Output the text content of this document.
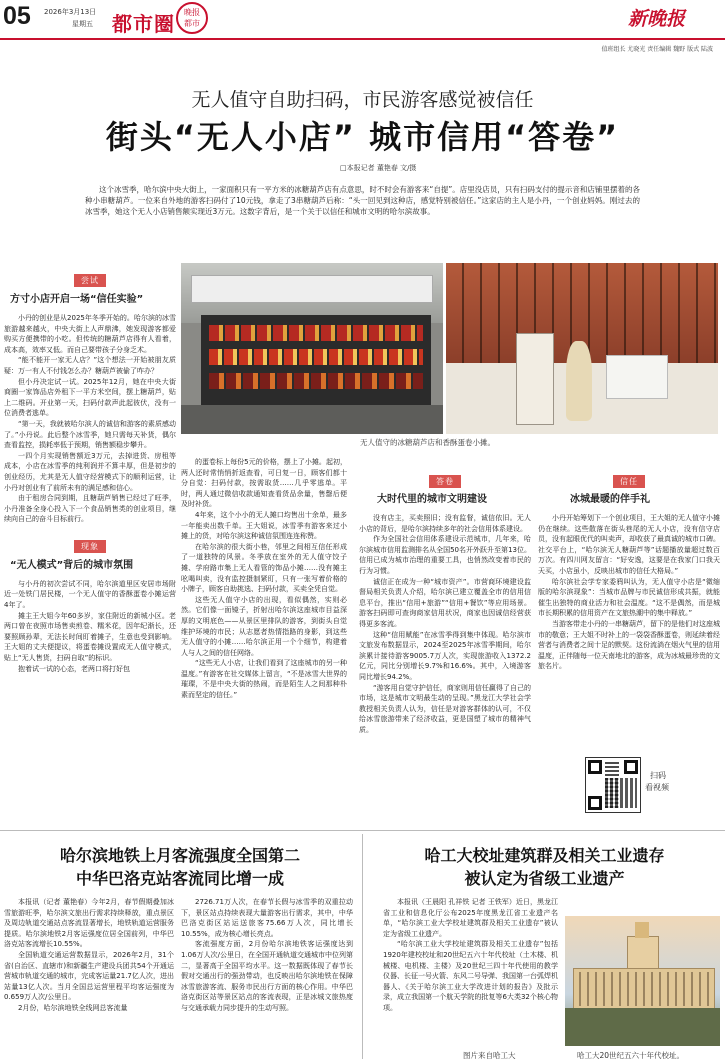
05 2026年3月13日
星期五 都市圈	晚报都市	新晚报
值班组长 尤晓光 责任编辑 魏野 版式 陆波
无人值守自助扫码，市民游客感觉被信任
街头“无人小店” 城市信用“答卷”
□本报记者 董艳春 文/摄

这个冰雪季，哈尔滨中央大街上，一家面积只有一平方米的冰糖葫芦店有点意思，时不时会有游客来“自提”。店里没店员，只有扫码支付的提示音和店铺里摆着的各种小串糖葫芦。一位来自外地的游客扫码付了10元钱，拿走了3串糖葫芦后称：“头一回见到这种店，感觉特别被信任。”这家店的主人是小丹，一个创业妈妈。刚过去的冰雪季，她这个无人小店销售额实现近3万元。这数字背后，是一个关于以信任和城市文明的哈尔滨故事。

尝试
方寸小店开启一场“信任实验”

小丹的创业是从2025年冬季开始的。哈尔滨的冰雪旅游越来越火，中央大街上人声鼎沸，她发现游客都爱购买方便携带的小吃。但传统的糖葫芦店得有人看着，成本高，效率又低。而自己要带孩子分身乏术。

“能不能开一家无人店？”这个想法一开始被朋友质疑：万一有人不付钱怎么办？糖葫芦被偷了咋办？

但小丹决定试一试。2025年12月，她在中央大街商圈一家饰品店外租下一平方米空间，摆上糖葫芦，贴上二维码。开业第一天，扫码付款声此起彼伏，没有一位消费者逃单。

“第一天，我就被哈尔滨人的诚信和游客的素质感动了。”小丹说。此后整个冰雪季，她只需每天补货，偶尔查看监控，损耗率低于预期，销售额稳步攀升。

一四个月实现销售额近3万元，去掉进货、房租等成本，小店在冰雪季的纯利润并不算丰厚，但是初步的创业经历，尤其是无人值守经营模式下的顺利运营，让小丹对创业有了前所未有的满足感和信心。

由于租房合同到期，且糖葫芦销售已经过了旺季，小丹准备全身心投入下一个食品销售类的创业项目，继续向自己的奋斗目标前行。

现象
“无人模式”背后的城市氛围

与小丹的初次尝试不同，哈尔滨道里区安居市场附近一处铁门居民楼，一个无人值守的香酥蛋卷小摊运营4年了。

摊主王大姐今年60多岁，家住附近的新城小区。老两口曾在夜照市场售卖煎卷、糯米花，因年纪渐长，还要照顾孙辈，无法长时间盯着摊子，生意也受到影响。王大姐的丈夫便提议，将蛋卷摊设置成无人值守模式，贴上“无人售货，扫码自取”的标识。

抱着试一试的心态，老两口将打好包

无人值守的冰糖葫芦店和香酥蛋卷小摊。

的蛋卷标上每份5元的价格，摆上了小摊。起初，两人还时常悄悄折返查看，可日复一日，顾客们都十分自觉：扫码付款，按需取货……几乎零逃单。平时，两人通过微信收款通知查看货品余量，售罄后便及时补货。

4年来，这个小小的无人摊口均售出十余单，最多一年能卖出数千单。王大姐说，冰雪季有游客来过小摊上的货，对哈尔滨这种诚信氛围连连称赞。

在哈尔滨的很大街小巷，邻里之间相互信任形成了一道独特的风景。冬季放在室外的无人值守饺子摊、学府路市集上无人看管的饰品小摊……没有摊主吆喝叫卖，没有监控摄制紧盯，只有一张写着价格的小牌子，顾客自助挑选、扫码付款，买卖全凭自觉。

这些无人值守小店的出现，看似偶然，实则必然。它们像一面镜子，折射出哈尔滨这座城市目益深厚的文明底色——从景区里排队的游客，到街头自觉维护环境的市民；从志愿者热情指路的身影，到这些无人值守的小摊……哈尔滨正用一个个细节，构建着人与人之间的信任网络。

“这些无人小店，让我们看到了这座城市的另一种温度。”有游客在社交媒体上留言，“不是冰雪大世界的璀璨，不是中央大街的热闹，而是陌生人之间那种朴素而坚定的信任。”

答卷
大时代里的城市文明建设

没有店主，买卖照旧；没有监督，诚信依旧。无人小店的背后，是哈尔滨持续多年的社会信用体系建设。

作为全国社会信用体系建设示范城市，几年来，哈尔滨城市信用监测排名从全国50名开外跃升至第13位。信用已成为城市治理的重要工具，也悄然改变着市民的行为习惯。

诚信正在成为一种“城市资产”。市营商环境建设监督局相关负责人介绍，哈尔滨已建立覆盖全市的信用信息平台，推出“信用+旅游”“信用+餐饮”等应用场景。游客扫码即可查询商家信用状况，商家也因诚信经营获得更多客流。

这种“信用赋能”在冰雪季得到集中体现。哈尔滨市文旅发布数据显示，2024至2025年冰雪季期间，哈尔滨累计接待游客9005.7万人次，实现旅游收入1372.2亿元，同比分别增长9.7%和16.6%。其中，入境游客同比增长94.2%。

“游客用自觉守护信任，商家则用信任赢得了自己的市场，这是城市文明最生动的呈现。”黑龙江大学社会学教授相关负责人认为，信任是对游客群体的认可，不仅给冰雪旅游带来了经济收益，更是国塑了城市的精神气质。

信任
冰城最暖的伴手礼

小丹开始筹划下一个创业项目，王大姐的无人值守小摊仍在继续。这些散落在街头巷尾的无人小店，没有信守店员，没有起眼优代的叫卖声，却收获了最真诚的城市口碑。社交平台上，“哈尔滨无人糖葫芦等”话题播放量超过数百万次。有四川网友留言：“好安逸，这要是在我家门口我天天买，小店虽小，反映出城市的信任大格局。”

哈尔滨社会学专家委鸦叫认为，无人值守小店是“微缩版的哈尔滨现象”：当城市品牌与市民诚信形成共振，就能催生出独特的商业活力和社会温度。“这不是偶然，而是城市长期积累的信用资产在文旅热潮中的集中释放。”

当游客带走小丹的一串糖葫芦，留下的是他们对这座城市的敬意；王大姐不时补上的一袋袋香酥蛋卷，则延续着经营者与消费者之间十足的默契。这份流淌在烟火气里的信用温度，正伴随每一位天南地北的游客，成为冰城最珍贵的文旅名片。

扫码
看视频
哈尔滨地铁上月客流强度全国第二
中华巴洛克站客流同比增一成

本报讯（记者 董艳春）今年2月，春节假期叠加冰雪旅游旺季，哈尔滨文旅出行需求持续释放，重点景区及周边轨道交通站点客流显著增长，地铁轨道运营服务提质。哈尔滨地铁2月客运强度位居全国前列，中华巴洛克站客流增长10.55%。

全国轨道交通运营数据显示，2026年2月，31个省(自治区、直辖市)和新疆生产建设兵团共54个开通运营城市轨道交通的城市，完成客运量21.7亿人次，进出站量13亿人次。当月全国总运营里程平均客运强度为0.659万人次/公里日。

2月份，哈尔滨地铁全线网总客流量

2726.71万人次，在春节长假与冰雪季的双重拉动下，景区站点持续表现大量游客出行需求，其中，中华巴洛克街区站运送旅客75.66万人次，同比增长10.55%，成为核心增长亮点。

客流强度方面，2月份哈尔滨地铁客运强度达到1.06万人次/公里日，在全国开通轨道交通城市中位列第二，显著高于全国平均水平。这一数据既体现了春节长假对交通出行的强劲带动，也反映出哈尔滨地铁在保障冰雪旅游客流、服务市民出行方面的核心作用。中华巴洛克街区站等景区站点的客流表现，正是冰城文旅热度与交通承载力同步提升的生动写照。

哈工大校址建筑群及相关工业遗存
被认定为省级工业遗产

本报讯（王晨阳 孔祥铁 记者 王铁军）近日，黑龙江省工业和信息化厅公布2025年度黑龙江省工业遗产名单，“哈尔滨工业大学校址建筑群及相关工业遗存”被认定为省级工业遗产。

“哈尔滨工业大学校址建筑群及相关工业遗存”包括1920年建校校址和20世纪五六十年代校址（土木楼、机械楼、电机楼、主楼）及20世纪三四十年代使用的教学仪器、长征一号火箭、东风二号导弹、我国第一台弧焊机器人、《关于哈尔滨工业大学改进计划的报告》及批示录，成立我国第一个航天学院的批复等6大类32个核心物项。

图片来自哈工大	哈工大20世纪五六十年代校址。
